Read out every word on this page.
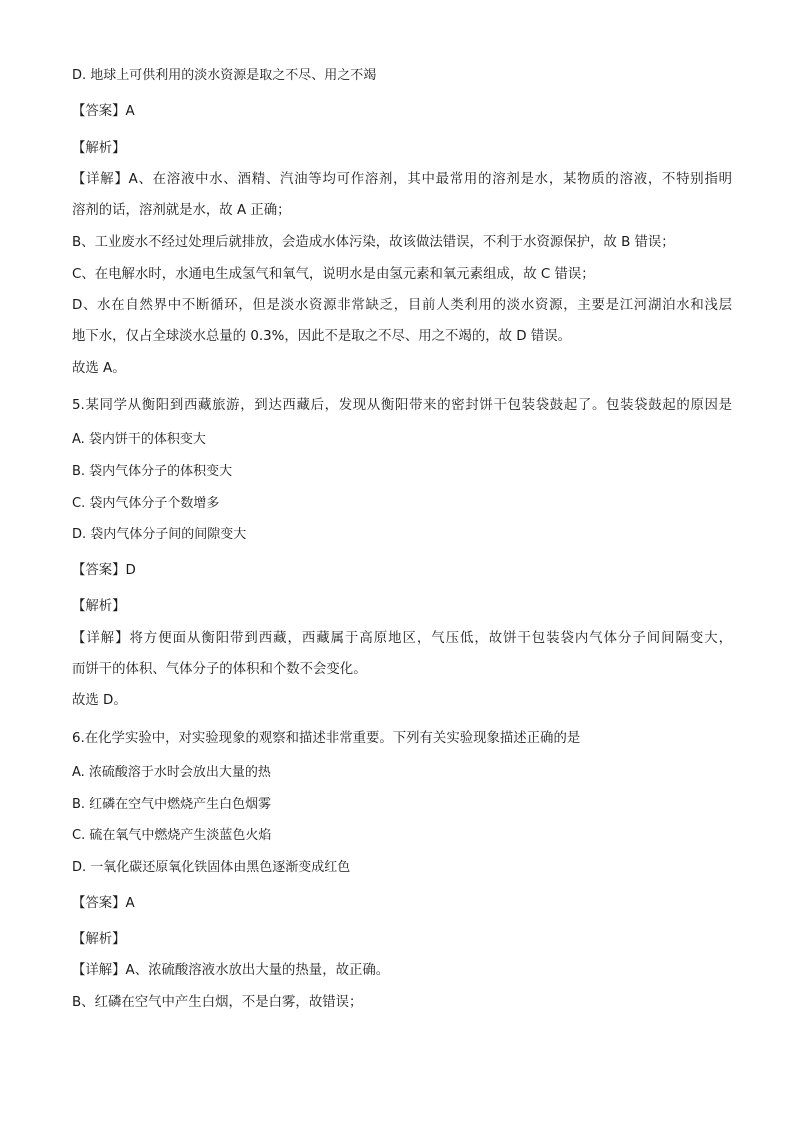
D. 地球上可供利用的淡水资源是取之不尽、用之不竭
【答案】A
【解析】
【详解】A、在溶液中水、酒精、汽油等均可作溶剂，其中最常用的溶剂是水，某物质的溶液，不特别指明
溶剂的话，溶剂就是水，故 A 正确；
B、工业废水不经过处理后就排放，会造成水体污染，故该做法错误，不利于水资源保护，故 B 错误；
C、在电解水时，水通电生成氢气和氧气，说明水是由氢元素和氧元素组成，故 C 错误；
D、水在自然界中不断循环，但是淡水资源非常缺乏，目前人类利用的淡水资源，主要是江河湖泊水和浅层
地下水，仅占全球淡水总量的 0.3%，因此不是取之不尽、用之不竭的，故 D 错误。
故选 A。
5.某同学从衡阳到西藏旅游，到达西藏后，发现从衡阳带来的密封饼干包装袋鼓起了。包装袋鼓起的原因是
A. 袋内饼干的体积变大
B. 袋内气体分子的体积变大
C. 袋内气体分子个数增多
D. 袋内气体分子间的间隙变大
【答案】D
【解析】
【详解】将方便面从衡阳带到西藏，西藏属于高原地区，气压低，故饼干包装袋内气体分子间间隔变大，
而饼干的体积、气体分子的体积和个数不会变化。
故选 D。
6.在化学实验中，对实验现象的观察和描述非常重要。下列有关实验现象描述正确的是
A. 浓硫酸溶于水时会放出大量的热
B. 红磷在空气中燃烧产生白色烟雾
C. 硫在氧气中燃烧产生淡蓝色火焰
D. 一氧化碳还原氧化铁固体由黑色逐渐变成红色
【答案】A
【解析】
【详解】A、浓硫酸溶液水放出大量的热量，故正确。
B、红磷在空气中产生白烟，不是白雾，故错误；
